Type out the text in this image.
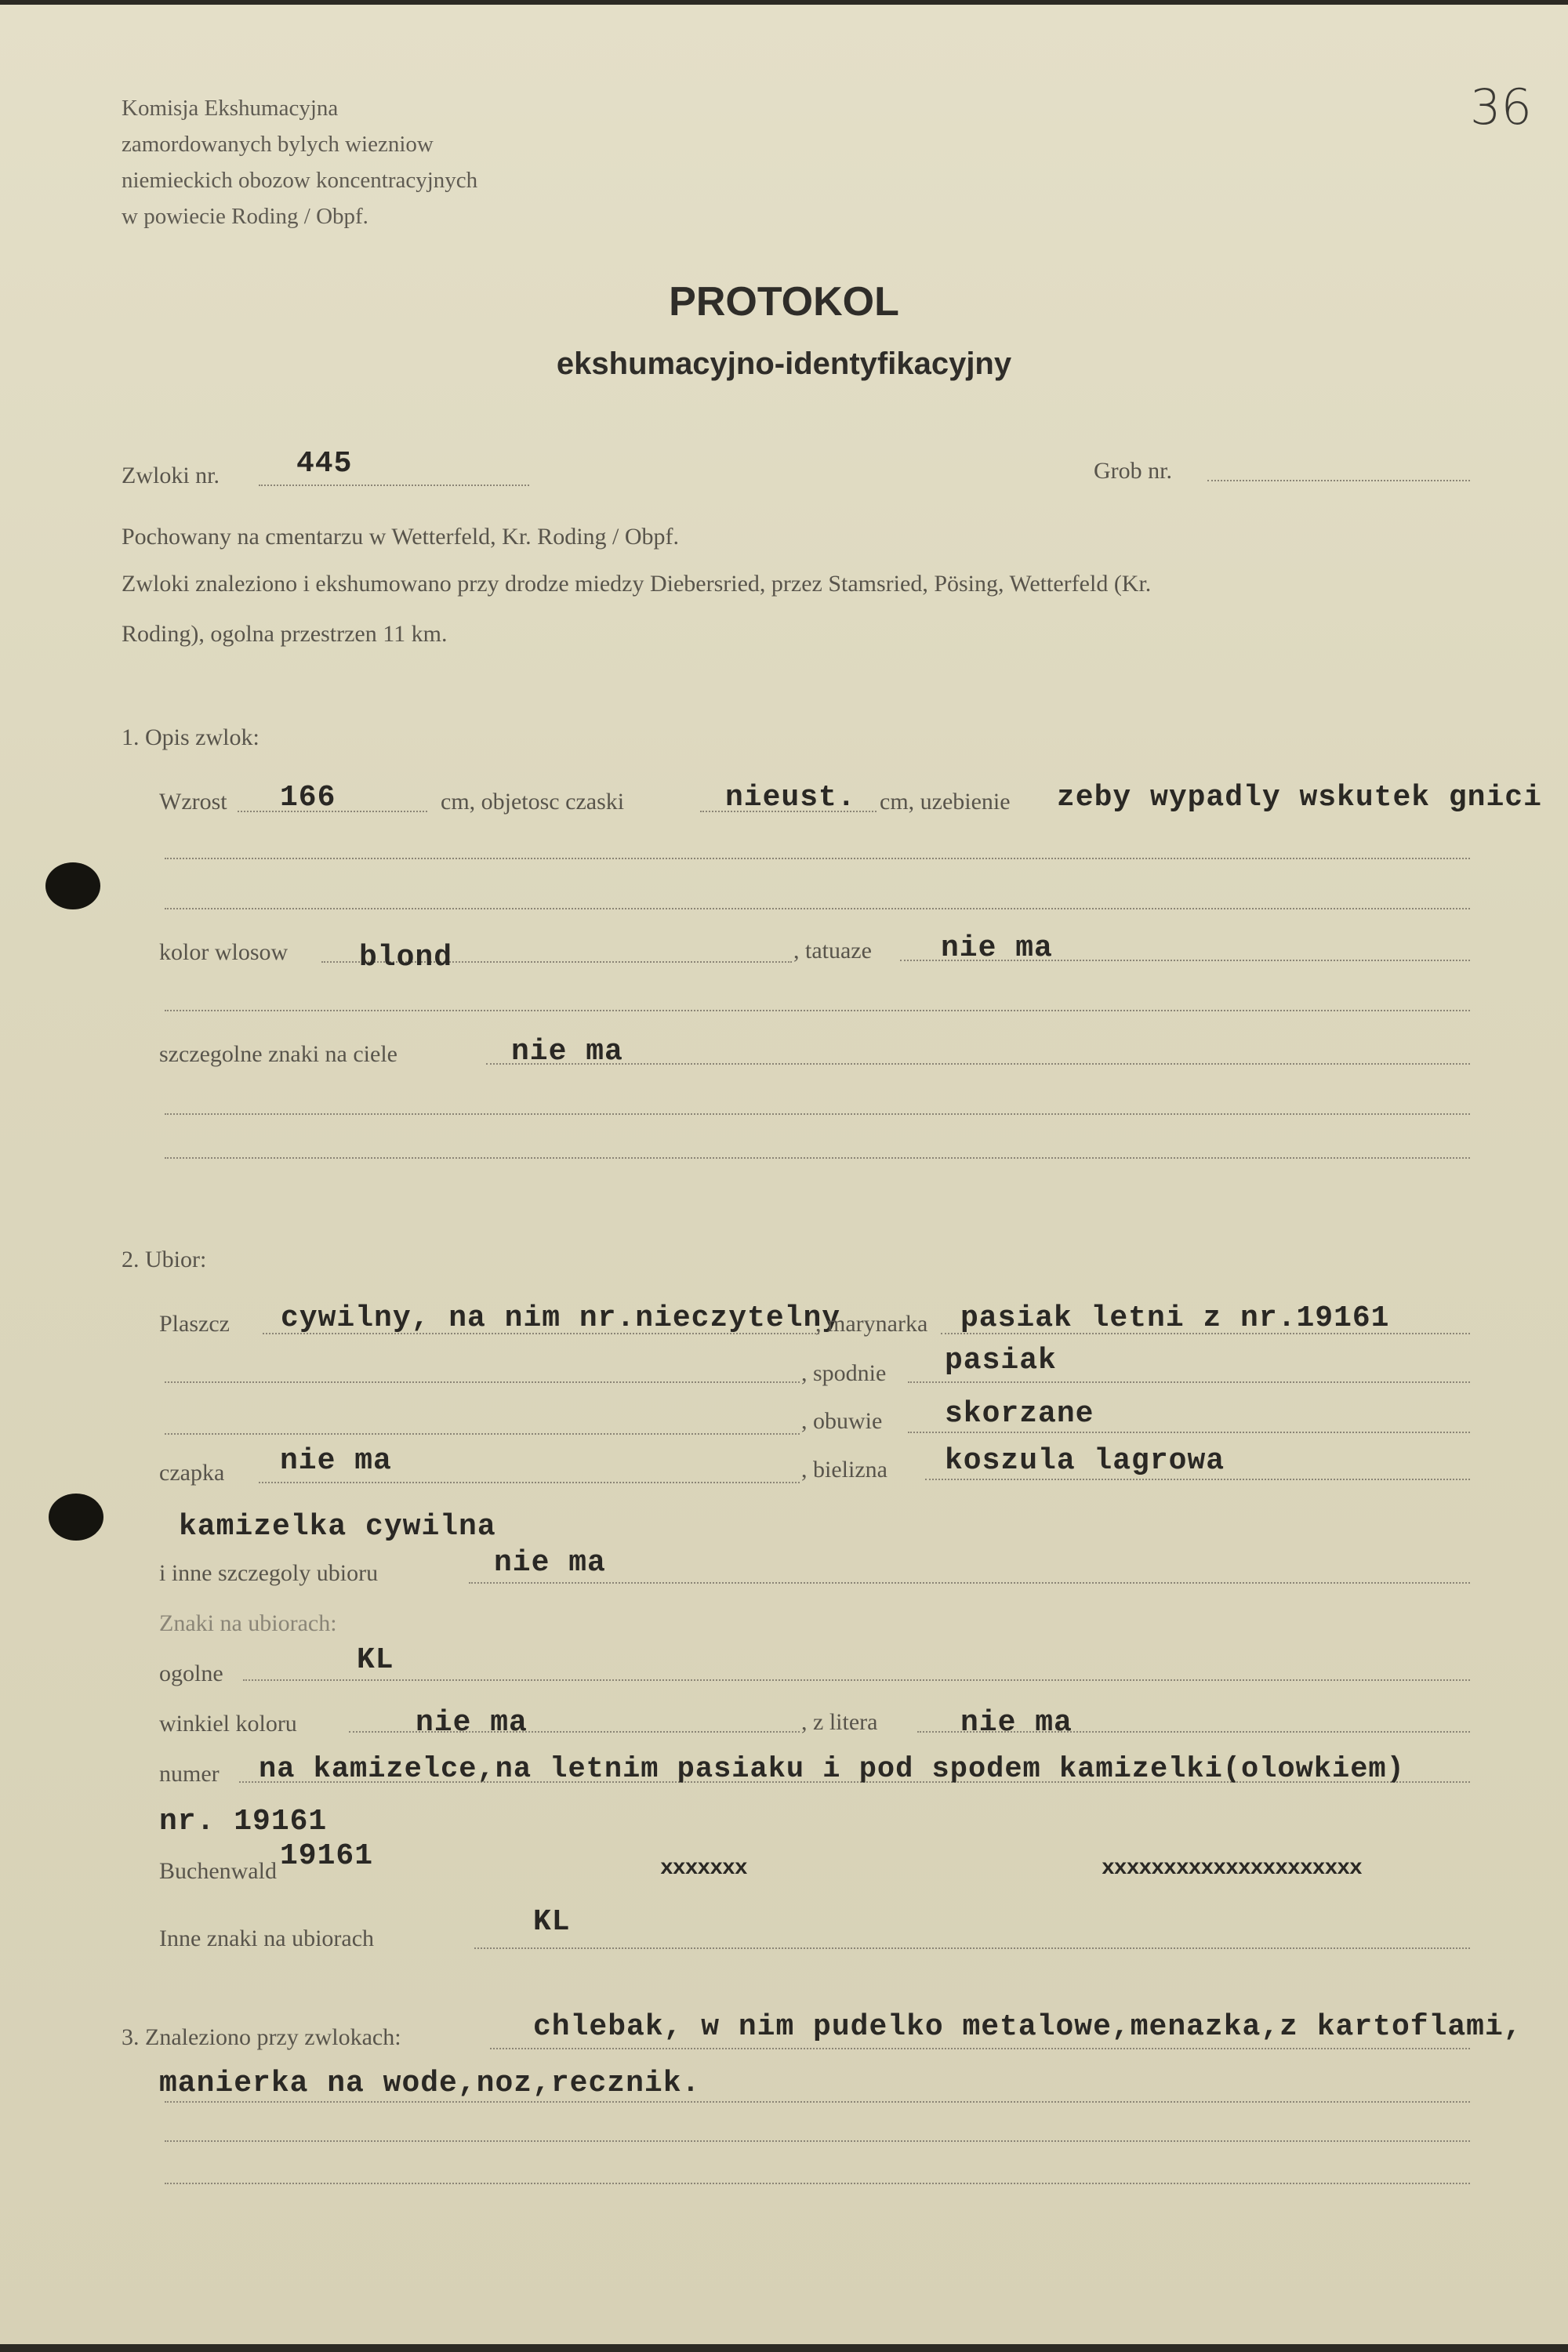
Komisja Ekshumacyjna
zamordowanych bylych wiezniow
niemieckich obozow koncentracyjnych
w powiecie Roding / Obpf.
36
PROTOKOL
ekshumacyjno-identyfikacyjny
Zwloki nr.	445	Grob nr.
Pochowany na cmentarzu w Wetterfeld, Kr. Roding / Obpf.
Zwloki znaleziono i ekshumowano przy drodze miedzy Diebersried, przez Stamsried, Pösing, Wetterfeld (Kr.
Roding), ogolna przestrzen 11 km.
1. Opis zwlok:
Wzrost 166	cm, objetosc czaski	nieust. cm, uzebienie zeby wypadly wskutek gnici
kolor wlosow blond	, tatuaze nie ma
szczegolne znaki na ciele	nie ma
2. Ubior:
Plaszcz cywilny, na nim nr.nieczytelny
, marynarka pasiak letni z nr.19161
, spodnie pasiak
, obuwie skorzane
czapka nie ma	, bielizna koszula lagrowa
kamizelka cywilna
i inne szczegoly ubioru	nie ma
Znaki na ubiorach:
ogolne	KL
winkiel koloru	nie ma	, z litera	nie ma
numer na kamizelce,na letnim pasiaku i pod spodem kamizelki(olowkiem)
nr. 19161
Buchenwald 19161	xxxxxxx	xxxxxxxxxxxxxxxxxxxxx
Inne znaki na ubiorach	KL
3. Znaleziono przy zwlokach:	chlebak, w nim pudelko metalowe,menazka,z kartoflami,
manierka na wode,noz,recznik.
